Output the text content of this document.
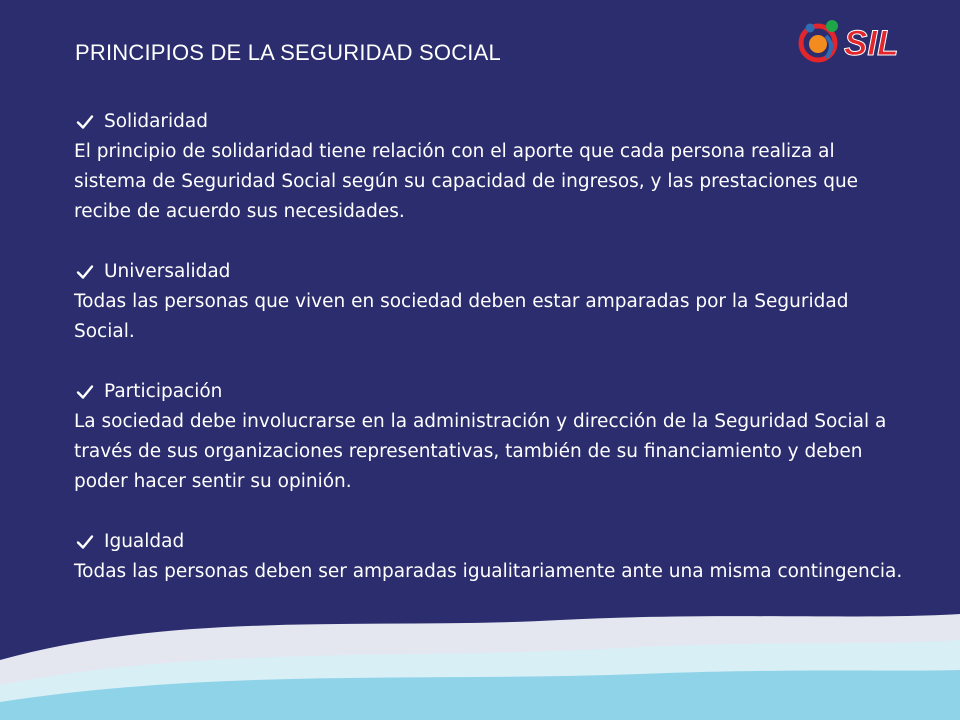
PRINCIPIOS DE LA SEGURIDAD SOCIAL	SIL
Solidaridad

El principio de solidaridad tiene relación con el aporte que cada persona realiza al sistema de Seguridad Social según su capacidad de ingresos, y las prestaciones que recibe de acuerdo sus necesidades.

Universalidad

Todas las personas que viven en sociedad deben estar amparadas por la Seguridad Social.

Participación

La sociedad debe involucrarse en la administración y dirección de la Seguridad Social a través de sus organizaciones representativas, también de su financiamiento y deben poder hacer sentir su opinión.

Igualdad

Todas las personas deben ser amparadas igualitariamente ante una misma contingencia.
